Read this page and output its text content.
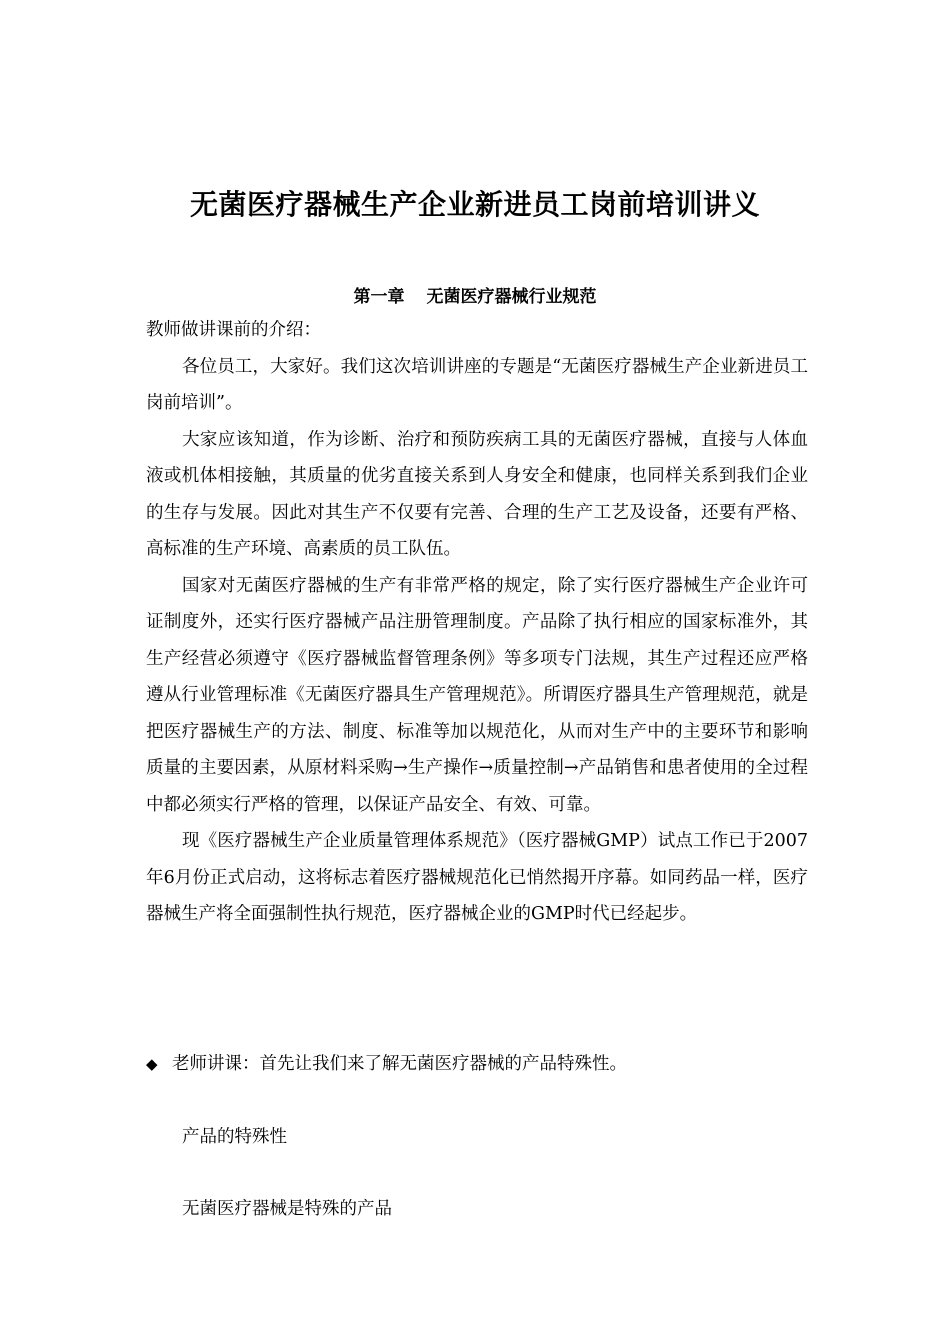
无菌医疗器械生产企业新进员工岗前培训讲义
第一章 无菌医疗器械行业规范

教师做讲课前的介绍：

各位员工，大家好。我们这次培训讲座的专题是“无菌医疗器械生产企业新进员工岗前培训”。

大家应该知道，作为诊断、治疗和预防疾病工具的无菌医疗器械，直接与人体血液或机体相接触，其质量的优劣直接关系到人身安全和健康，也同样关系到我们企业的生存与发展。因此对其生产不仅要有完善、合理的生产工艺及设备，还要有严格、高标准的生产环境、高素质的员工队伍。

国家对无菌医疗器械的生产有非常严格的规定，除了实行医疗器械生产企业许可证制度外，还实行医疗器械产品注册管理制度。产品除了执行相应的国家标准外，其生产经营必须遵守《医疗器械监督管理条例》等多项专门法规，其生产过程还应严格遵从行业管理标准《无菌医疗器具生产管理规范》。所谓医疗器具生产管理规范，就是把医疗器械生产的方法、制度、标准等加以规范化，从而对生产中的主要环节和影响质量的主要因素，从原材料采购→生产操作→质量控制→产品销售和患者使用的全过程中都必须实行严格的管理，以保证产品安全、有效、可靠。

现《医疗器械生产企业质量管理体系规范》（医疗器械GMP）试点工作已于2007年6月份正式启动，这将标志着医疗器械规范化已悄然揭开序幕。如同药品一样，医疗器械生产将全面强制性执行规范，医疗器械企业的GMP时代已经起步。

◆ 老师讲课：首先让我们来了解无菌医疗器械的产品特殊性。

产品的特殊性

无菌医疗器械是特殊的产品
